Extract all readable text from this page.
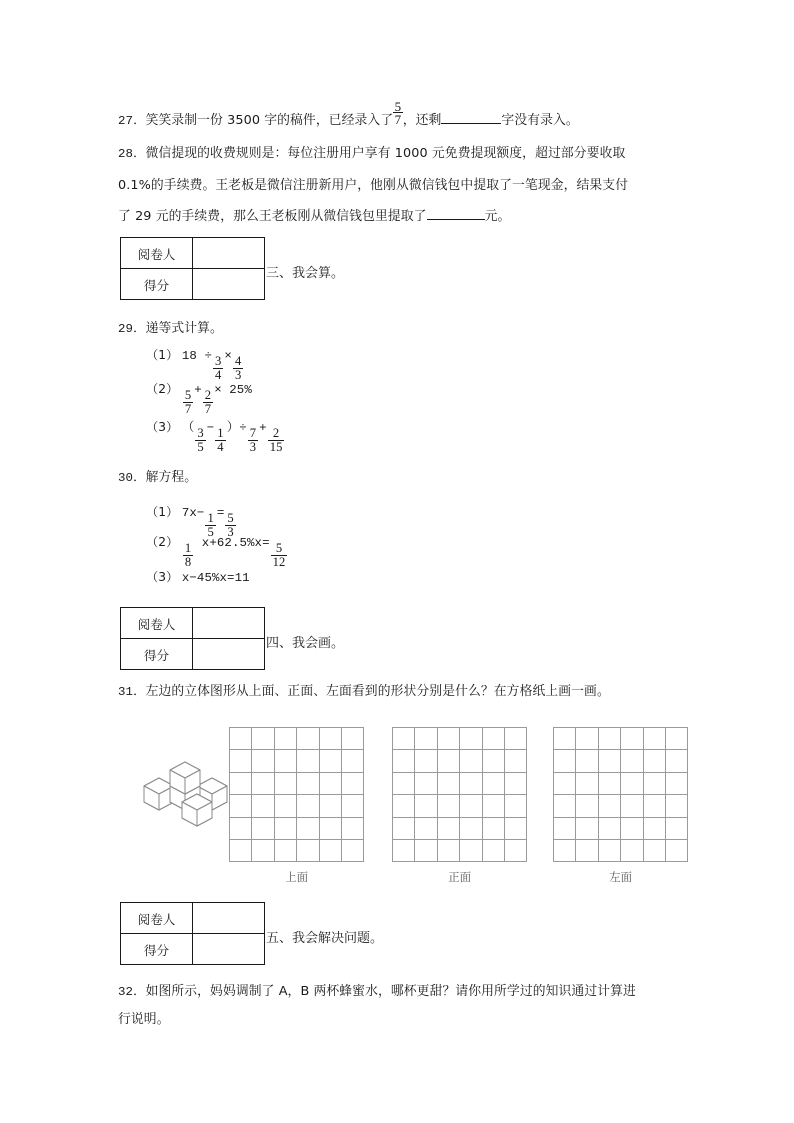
27．笑笑录制一份 3500 字的稿件，已经录入了 $\frac{5}{7}$ ，还剩	字没有录入。
28．微信提现的收费规则是：每位注册用户享有 1000 元免费提现额度，超过部分要收取
0.1%的手续费。王老板是微信注册新用户，他刚从微信钱包中提取了一笔现金，结果支付
了 29 元的手续费，那么王老板刚从微信钱包里提取了	元。
阅卷人	
得分	
三、我会算。
29．递等式计算。
（1） $18 \div \frac{3}{4} \times \frac{4}{3}$
$(2) \frac{5}{7} + \frac{2}{7} \times 25\%$
（3） （ $\frac{3}{5} - \frac{1}{4}$ ）÷ $\frac{7}{3} + \frac{2}{15}$
30．解方程。
（1） $7x- \frac{1}{5} = \frac{5}{3}$
$(2) \frac{1}{8} x+62.5\%x= \frac{5}{12}$
（3） x−45%x=11
阅卷人	
得分	
四、我会画。
31．左边的立体图形从上面、正面、左面看到的形状分别是什么？在方格纸上画一画。
上面	正面	左面
阅卷人	
得分	
五、我会解决问题。
32．如图所示，妈妈调制了 A，B 两杯蜂蜜水，哪杯更甜？请你用所学过的知识通过计算进
行说明。
